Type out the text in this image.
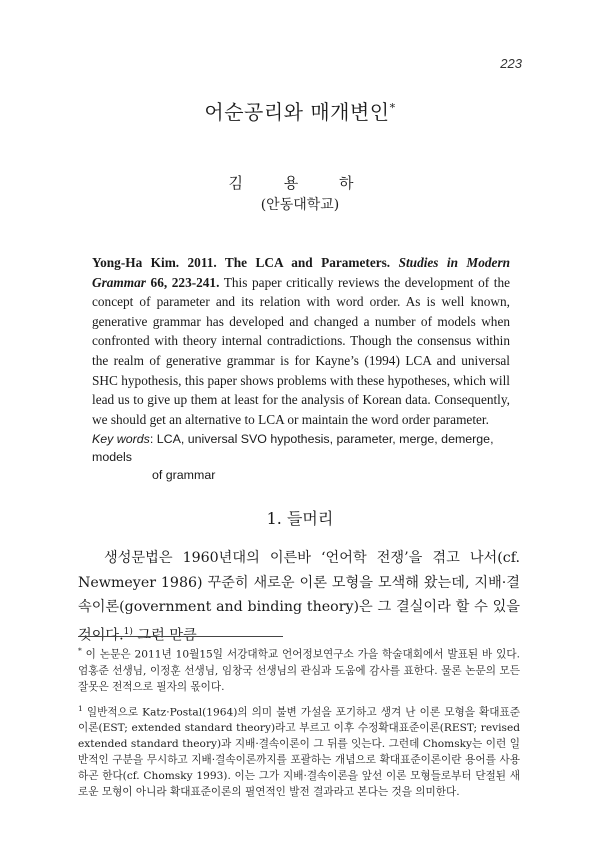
223
어순공리와 매개변인*
김 용 하
(안동대학교)
Yong-Ha Kim. 2011. The LCA and Parameters. Studies in Modern Grammar 66, 223-241. This paper critically reviews the development of the concept of parameter and its relation with word order. As is well known, generative grammar has developed and changed a number of models when confronted with theory internal contradictions. Though the consensus within the realm of generative grammar is for Kayne’s (1994) LCA and universal SHC hypothesis, this paper shows problems with these hypotheses, which will lead us to give up them at least for the analysis of Korean data. Consequently, we should get an alternative to LCA or maintain the word order parameter.
Key words: LCA, universal SVO hypothesis, parameter, merge, demerge, models
of grammar
1. 들머리

생성문법은 1960년대의 이른바 ‘언어학 전쟁’을 겪고 나서(cf. Newmeyer 1986) 꾸준히 새로운 이론 모형을 모색해 왔는데, 지배·결속이론(government and binding theory)은 그 결실이라 할 수 있을 것이다.$^{1)}$ 그런 만큼

* 이 논문은 2011년 10월15일 서강대학교 언어정보연구소 가을 학술대회에서 발표된 바 있다. 엄홍준 선생님, 이정훈 선생님, 임창국 선생님의 관심과 도움에 감사를 표한다. 물론 논문의 모든 잘못은 전적으로 필자의 몫이다.

$^1$ 일반적으로 Katz·Postal(1964)의 의미 불변 가설을 포기하고 생겨 난 이론 모형을 확대표준이론(EST; extended standard theory)라고 부르고 이후 수정확대표준이론(REST; revised extended standard theory)과 지배·결속이론이 그 뒤를 잇는다. 그런데 Chomsky는 이런 일반적인 구분을 무시하고 지배·결속이론까지를 포괄하는 개념으로 확대표준이론이란 용어를 사용하곤 한다(cf. Chomsky 1993). 이는 그가 지배·결속이론을 앞선 이론 모형들로부터 단절된 새로운 모형이 아니라 확대표준이론의 필연적인 발전 결과라고 본다는 것을 의미한다.
